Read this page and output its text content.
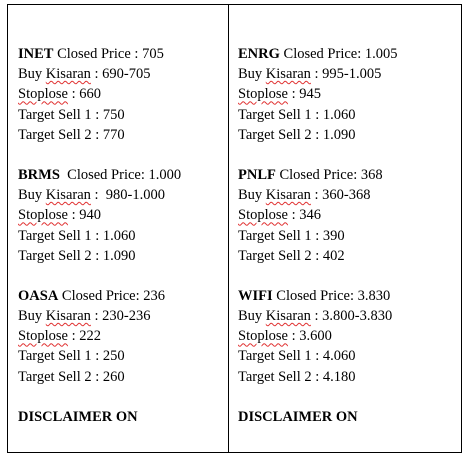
INET Closed Price : 705
Buy Kisaran : 690-705
Stoplose : 660
Target Sell 1 : 750
Target Sell 2 : 770
BRMS Closed Price: 1.000
Buy Kisaran :  980-1.000
Stoplose : 940
Target Sell 1 : 1.060
Target Sell 2 : 1.090
OASA Closed Price: 236
Buy Kisaran : 230-236
Stoplose : 222
Target Sell 1 : 250
Target Sell 2 : 260
DISCLAIMER ON
ENRG Closed Price: 1.005
Buy Kisaran : 995-1.005
Stoplose : 945
Target Sell 1 : 1.060
Target Sell 2 : 1.090
PNLF Closed Price: 368
Buy Kisaran : 360-368
Stoplose : 346
Target Sell 1 : 390
Target Sell 2 : 402
WIFI Closed Price: 3.830
Buy Kisaran : 3.800-3.830
Stoplose : 3.600
Target Sell 1 : 4.060
Target Sell 2 : 4.180
DISCLAIMER ON
